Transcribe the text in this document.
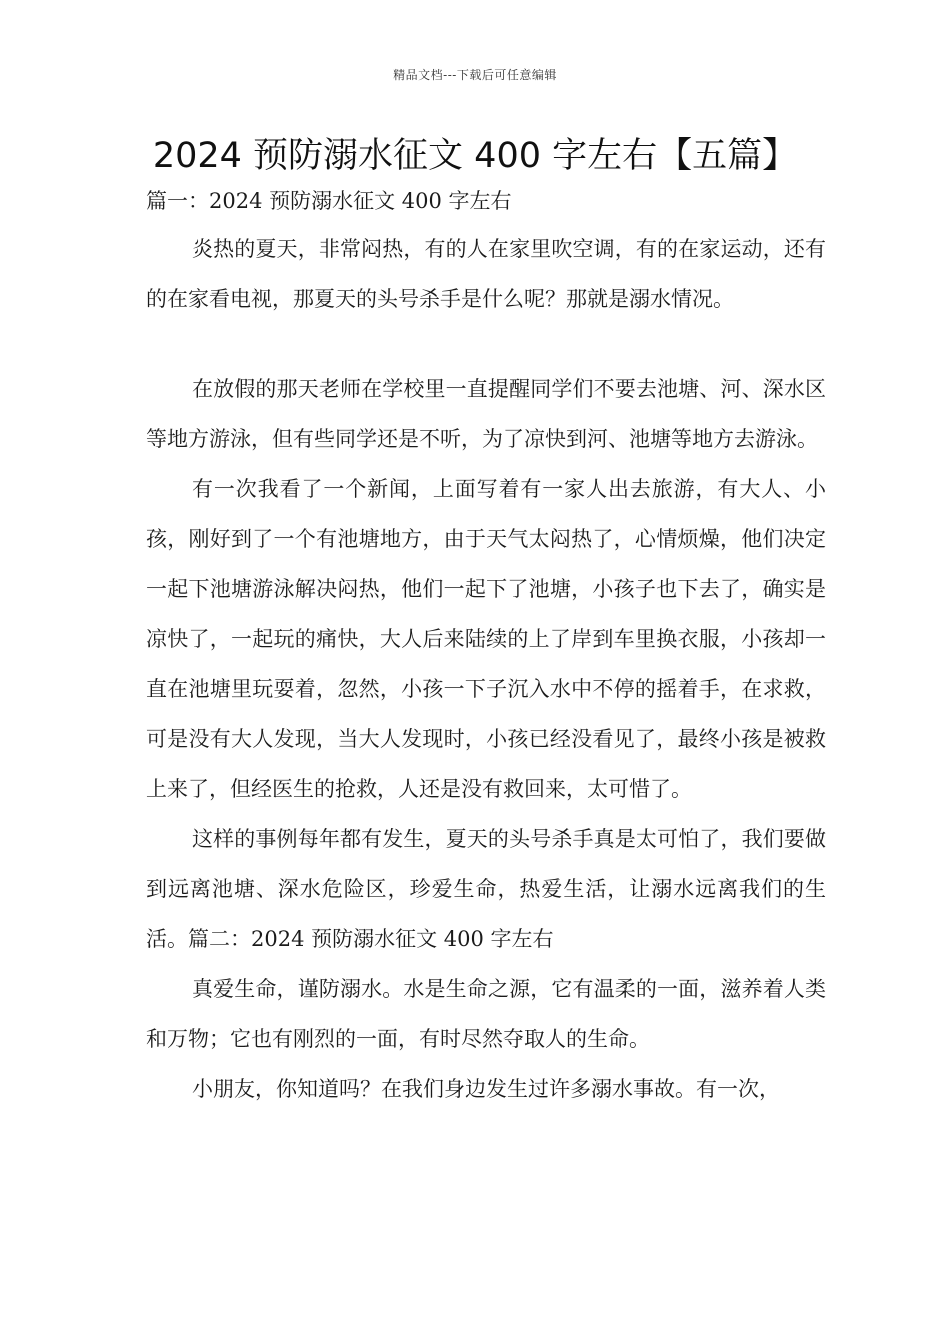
精品文档---下载后可任意编辑
2024 预防溺水征文 400 字左右【五篇】

篇一：2024 预防溺水征文 400 字左右

炎热的夏天，非常闷热，有的人在家里吹空调，有的在家运动，还有的在家看电视，那夏天的头号杀手是什么呢？那就是溺水情况。

在放假的那天老师在学校里一直提醒同学们不要去池塘、河、深水区等地方游泳，但有些同学还是不听，为了凉快到河、池塘等地方去游泳。

有一次我看了一个新闻，上面写着有一家人出去旅游，有大人、小孩，刚好到了一个有池塘地方，由于天气太闷热了，心情烦燥，他们决定一起下池塘游泳解决闷热，他们一起下了池塘，小孩子也下去了，确实是凉快了，一起玩的痛快，大人后来陆续的上了岸到车里换衣服，小孩却一直在池塘里玩耍着，忽然，小孩一下子沉入水中不停的摇着手，在求救，可是没有大人发现，当大人发现时，小孩已经没看见了，最终小孩是被救上来了，但经医生的抢救，人还是没有救回来，太可惜了。

这样的事例每年都有发生，夏天的头号杀手真是太可怕了，我们要做到远离池塘、深水危险区，珍爱生命，热爱生活，让溺水远离我们的生活。篇二：2024 预防溺水征文 400 字左右

真爱生命，谨防溺水。水是生命之源，它有温柔的一面，滋养着人类和万物；它也有刚烈的一面，有时尽然夺取人的生命。

小朋友，你知道吗？在我们身边发生过许多溺水事故。有一次，
